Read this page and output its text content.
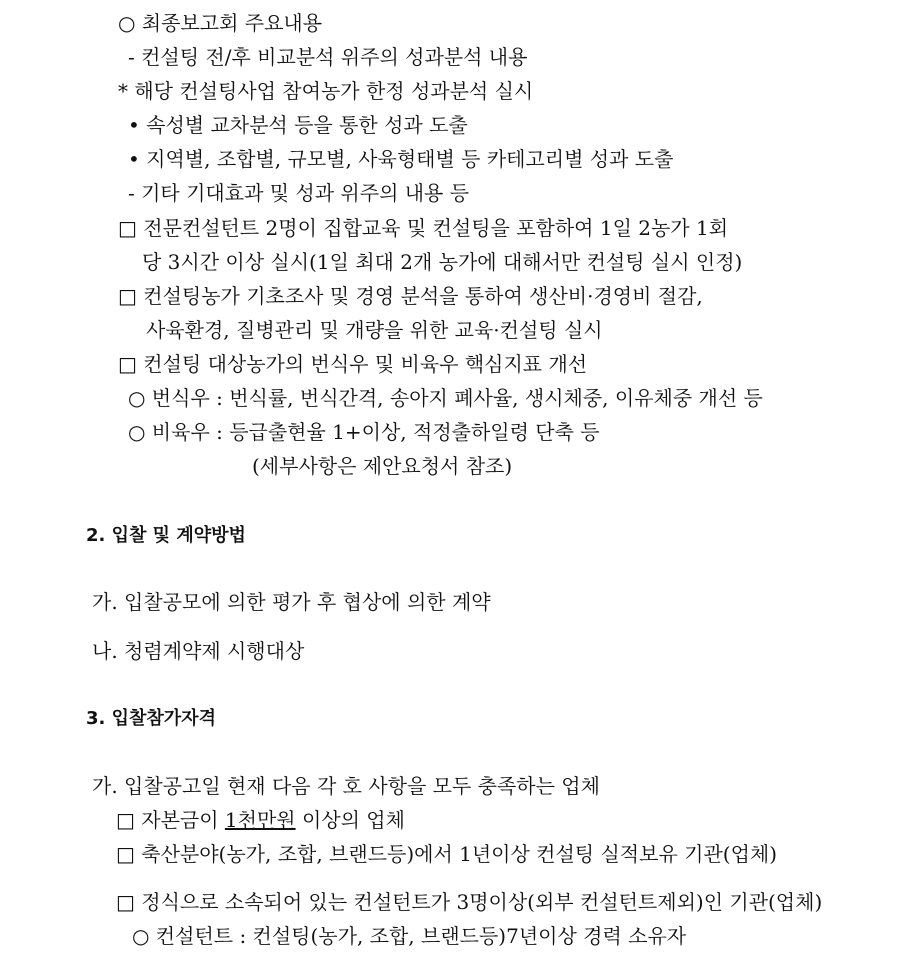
○ 최종보고회 주요내용
- 컨설팅 전/후 비교분석 위주의 성과분석 내용
* 해당 컨설팅사업 참여농가 한정 성과분석 실시
• 속성별 교차분석 등을 통한 성과 도출
• 지역별, 조합별, 규모별, 사육형태별 등 카테고리별 성과 도출
- 기타 기대효과 및 성과 위주의 내용 등
□ 전문컨설턴트 2명이 집합교육 및 컨설팅을 포함하여 1일 2농가 1회
당 3시간 이상 실시(1일 최대 2개 농가에 대해서만 컨설팅 실시 인정)
□ 컨설팅농가 기초조사 및 경영 분석을 통하여 생산비·경영비 절감,
사육환경, 질병관리 및 개량을 위한 교육·컨설팅 실시
□ 컨설팅 대상농가의 번식우 및 비육우 핵심지표 개선
○ 번식우 : 번식률, 번식간격, 송아지 폐사율, 생시체중, 이유체중 개선 등
○ 비육우 : 등급출현율 1+이상, 적정출하일령 단축 등
(세부사항은 제안요청서 참조)
2. 입찰 및 계약방법
가. 입찰공모에 의한 평가 후 협상에 의한 계약
나. 청렴계약제 시행대상
3. 입찰참가자격
가. 입찰공고일 현재 다음 각 호 사항을 모두 충족하는 업체
□ 자본금이 1천만원 이상의 업체
□ 축산분야(농가, 조합, 브랜드등)에서 1년이상 컨설팅 실적보유 기관(업체)
□ 정식으로 소속되어 있는 컨설턴트가 3명이상(외부 컨설턴트제외)인 기관(업체)
○ 컨설턴트 : 컨설팅(농가, 조합, 브랜드등)7년이상 경력 소유자
